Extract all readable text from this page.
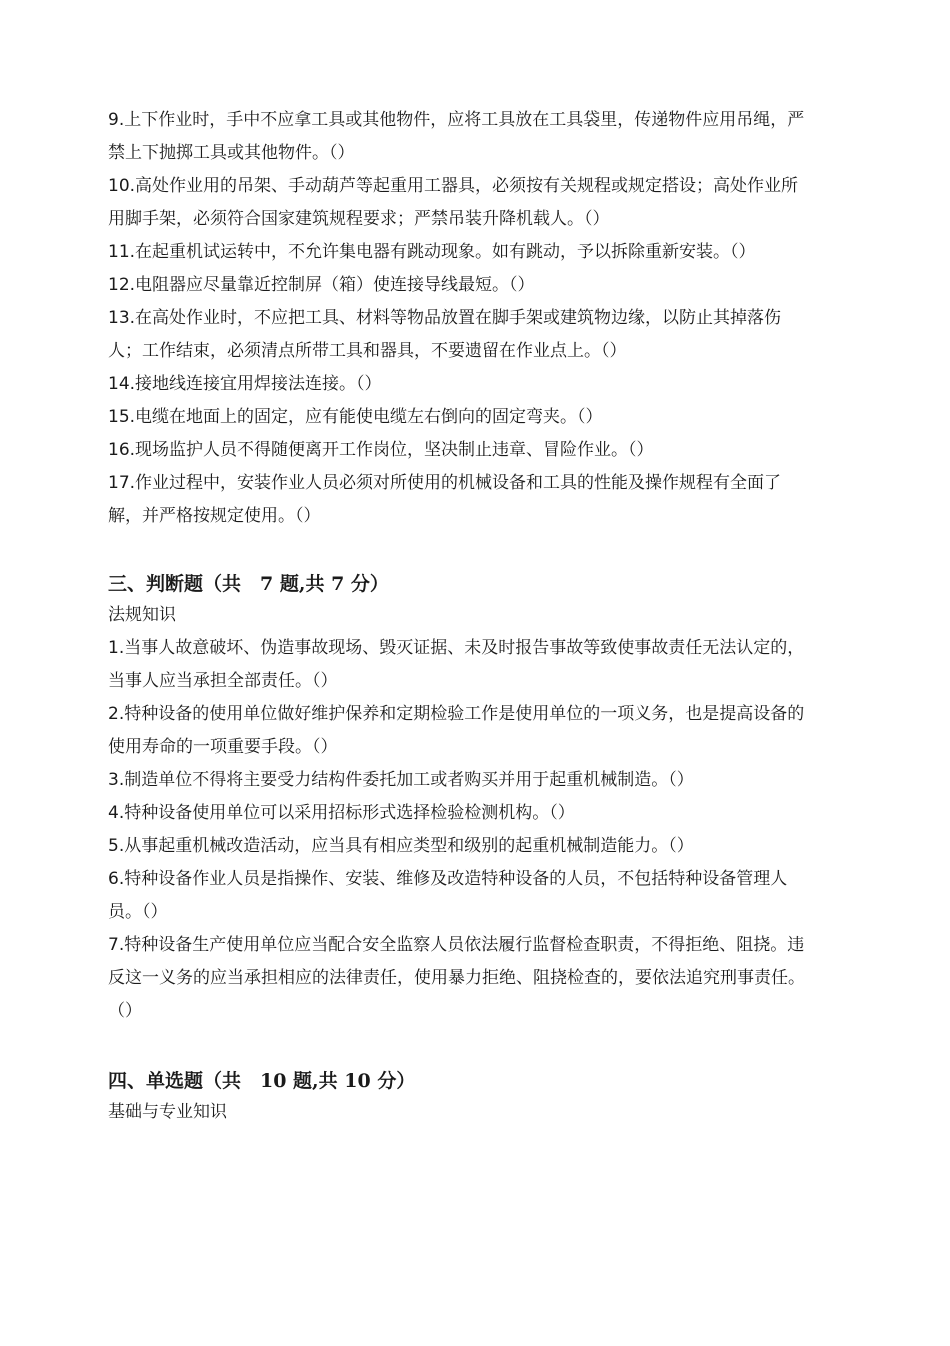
9.上下作业时，手中不应拿工具或其他物件，应将工具放在工具袋里，传递物件应用吊绳，严禁上下抛掷工具或其他物件。（）

10.高处作业用的吊架、手动葫芦等起重用工器具，必须按有关规程或规定搭设；高处作业所用脚手架，必须符合国家建筑规程要求；严禁吊装升降机载人。（）

11.在起重机试运转中，不允许集电器有跳动现象。如有跳动，予以拆除重新安装。（）

12.电阻器应尽量靠近控制屏（箱）使连接导线最短。（）

13.在高处作业时，不应把工具、材料等物品放置在脚手架或建筑物边缘，以防止其掉落伤人；工作结束，必须清点所带工具和器具，不要遗留在作业点上。（）

14.接地线连接宜用焊接法连接。（）

15.电缆在地面上的固定，应有能使电缆左右倒向的固定弯夹。（）

16.现场监护人员不得随便离开工作岗位，坚决制止违章、冒险作业。（）

17.作业过程中，安装作业人员必须对所使用的机械设备和工具的性能及操作规程有全面了解，并严格按规定使用。（）

三、判断题（共　7 题,共 7 分）

法规知识

1.当事人故意破坏、伪造事故现场、毁灭证据、未及时报告事故等致使事故责任无法认定的，当事人应当承担全部责任。（）

2.特种设备的使用单位做好维护保养和定期检验工作是使用单位的一项义务，也是提高设备的使用寿命的一项重要手段。（）

3.制造单位不得将主要受力结构件委托加工或者购买并用于起重机械制造。（）

4.特种设备使用单位可以采用招标形式选择检验检测机构。（）

5.从事起重机械改造活动，应当具有相应类型和级别的起重机械制造能力。（）

6.特种设备作业人员是指操作、安装、维修及改造特种设备的人员，不包括特种设备管理人员。（）

7.特种设备生产使用单位应当配合安全监察人员依法履行监督检查职责，不得拒绝、阻挠。违反这一义务的应当承担相应的法律责任，使用暴力拒绝、阻挠检查的，要依法追究刑事责任。（）

四、单选题（共　10 题,共 10 分）

基础与专业知识
